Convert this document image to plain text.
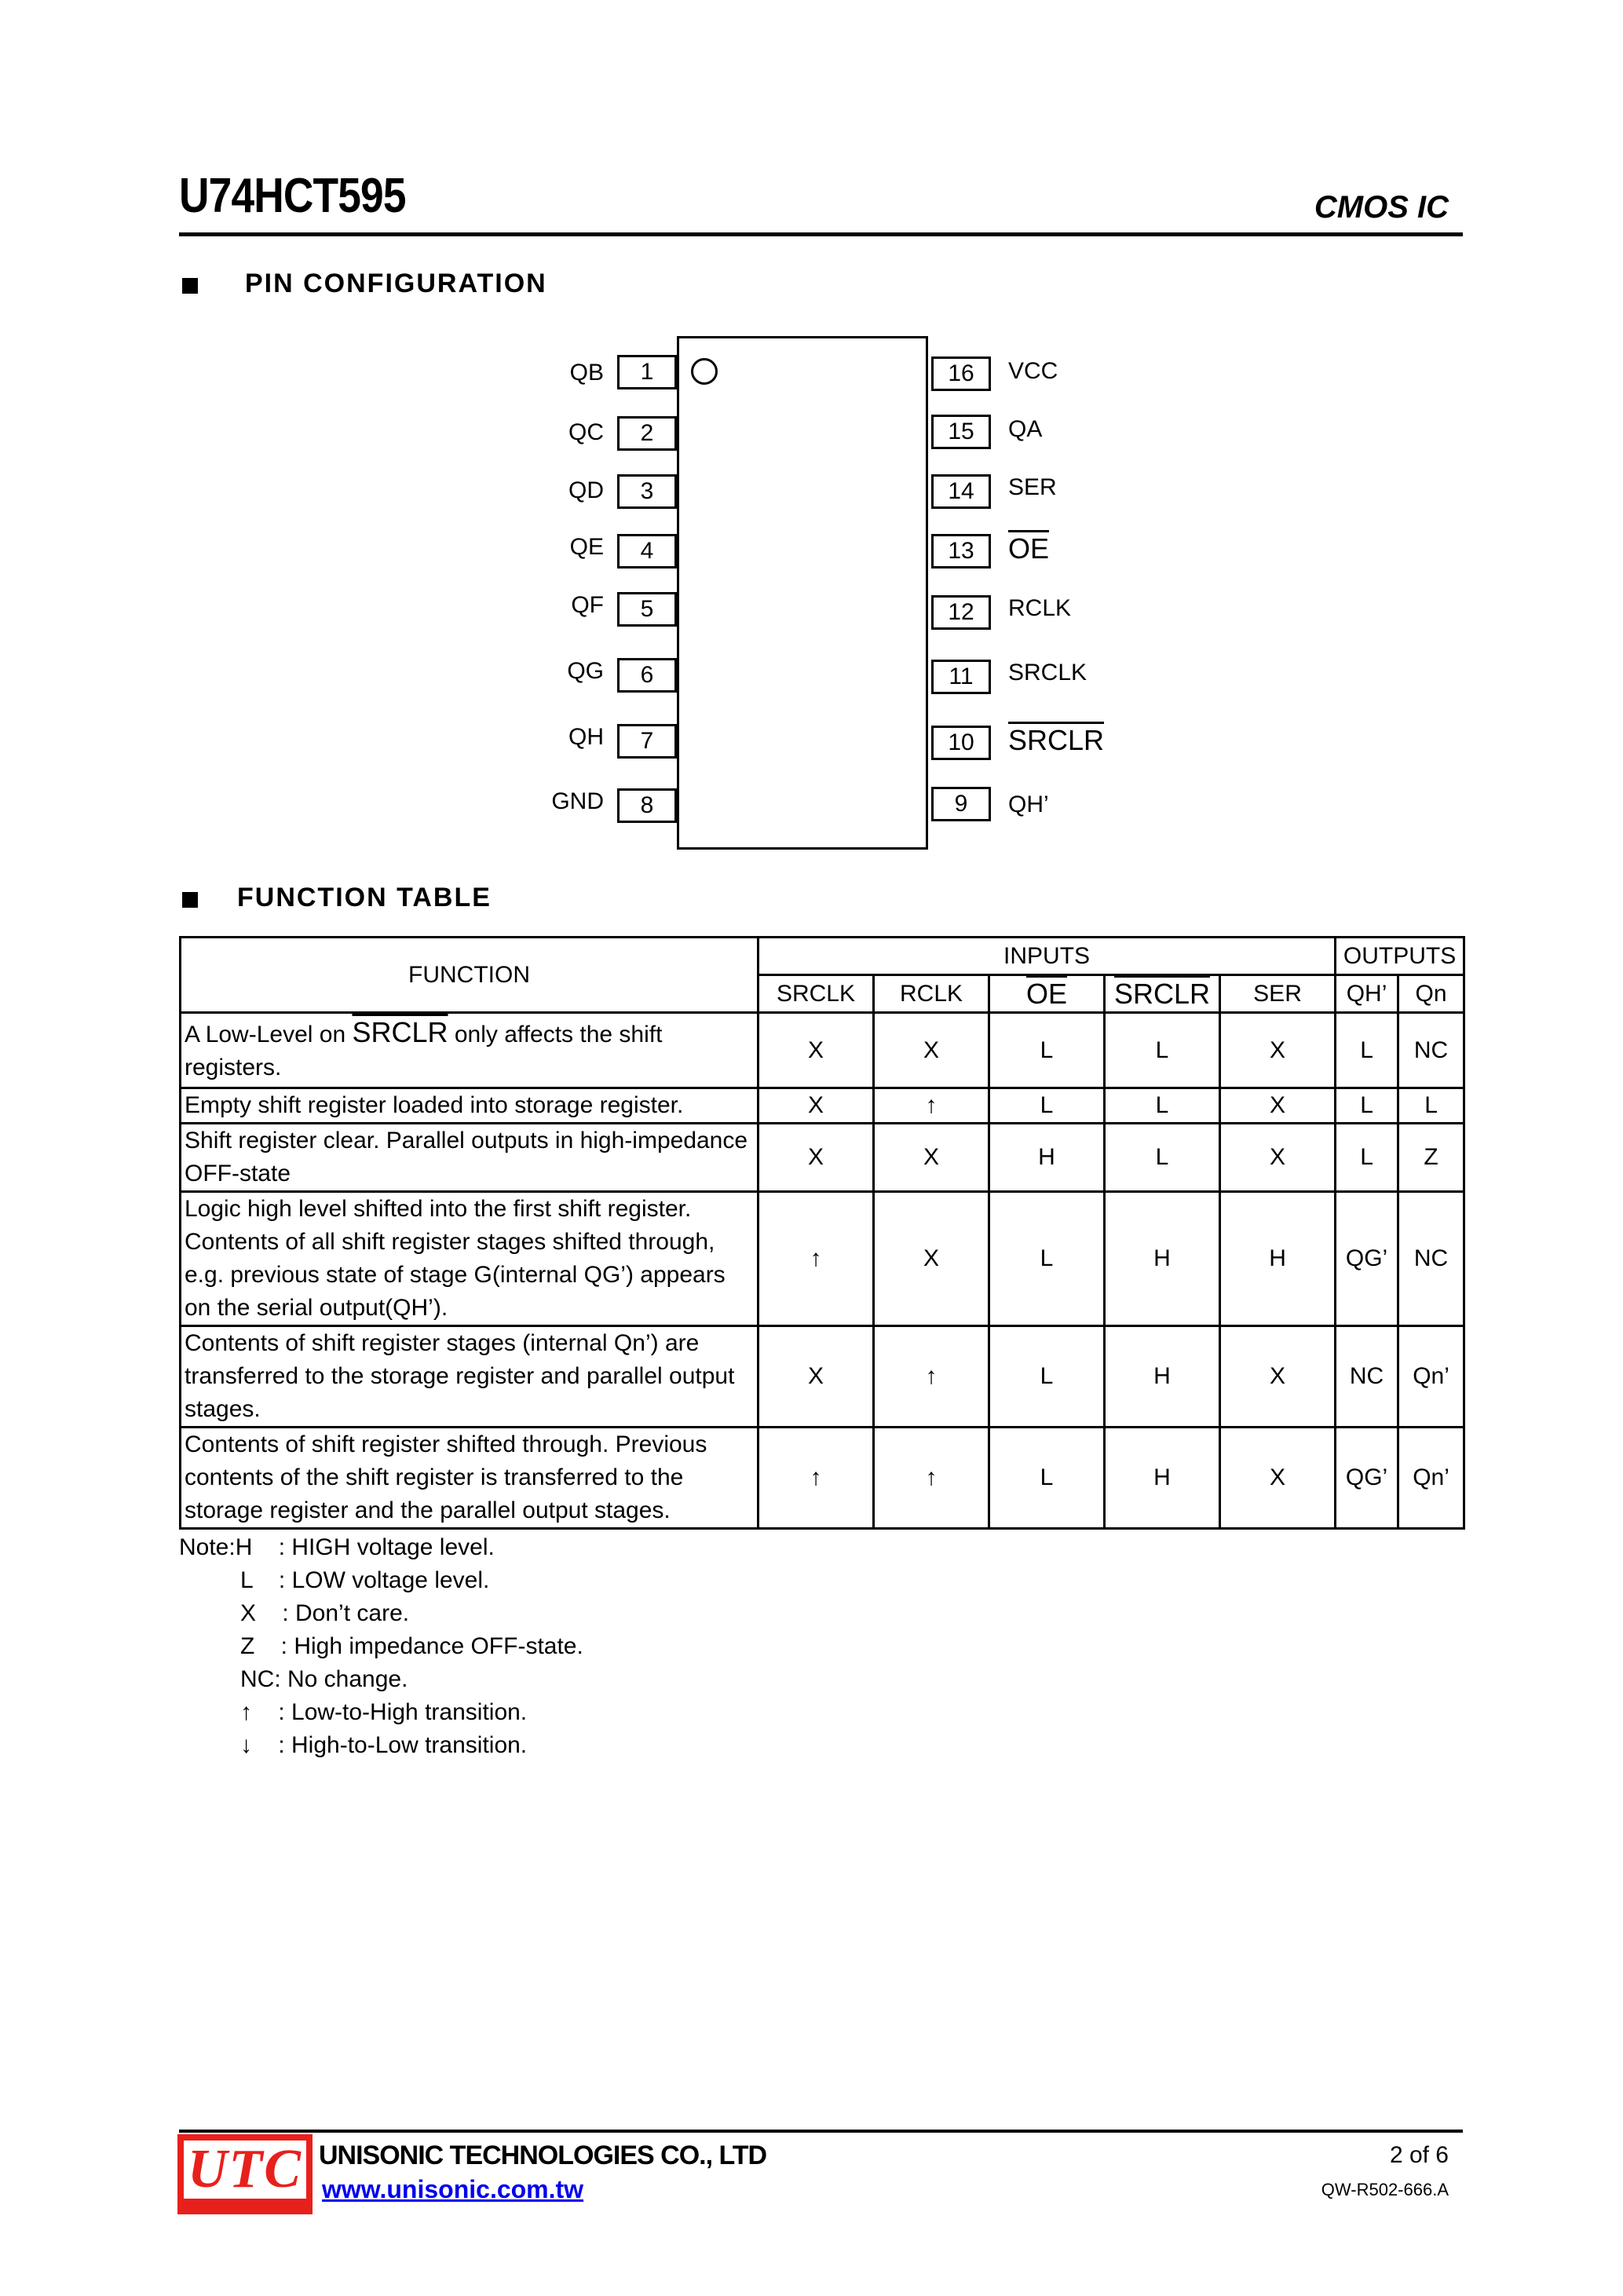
U74HCT595	CMOS IC
PIN CONFIGURATION
QB	1
QC	2
QD	3
QE	4
QF	5
QG	6
QH	7
GND	8
16	VCC
15	QA
14	SER
13	$\overline{OE}$
12	RCLK
11	SRCLK
10	SRCLR
9	QH’
FUNCTION TABLE
FUNCTION	INPUTS					OUTPUTS	
	SRCLK	RCLK	$\overline{OE}$	SRCLR	SER	QH’	Qn
A Low-Level on SRCLR only affects the shift registers.	X	X	L	L	X	L	NC
Empty shift register loaded into storage register.	X	↑	L	L	X	L	L
Shift register clear. Parallel outputs in high-impedance OFF-state	X	X	H	L	X	L	Z
Logic high level shifted into the first shift register. Contents of all shift register stages shifted through, e.g. previous state of stage G(internal QG’) appears on the serial output(QH’).	↑	X	L	H	H	QG’	NC
Contents of shift register stages (internal Qn’) are transferred to the storage register and parallel output stages.	X	↑	L	H	X	NC	Qn’
Contents of shift register shifted through. Previous contents of the shift register is transferred to the storage register and the parallel output stages.	↑	↑	L	H	X	QG’	Qn’
Note:H    : HIGH voltage level.
L    : LOW voltage level.
X    : Don’t care.
Z    : High impedance OFF-state.
NC: No change.
↑    : Low-to-High transition.
↓    : High-to-Low transition.
UTC UNISONIC TECHNOLOGIES CO., LTD
www.unisonic.com.tw
2 of 6
QW-R502-666.A
